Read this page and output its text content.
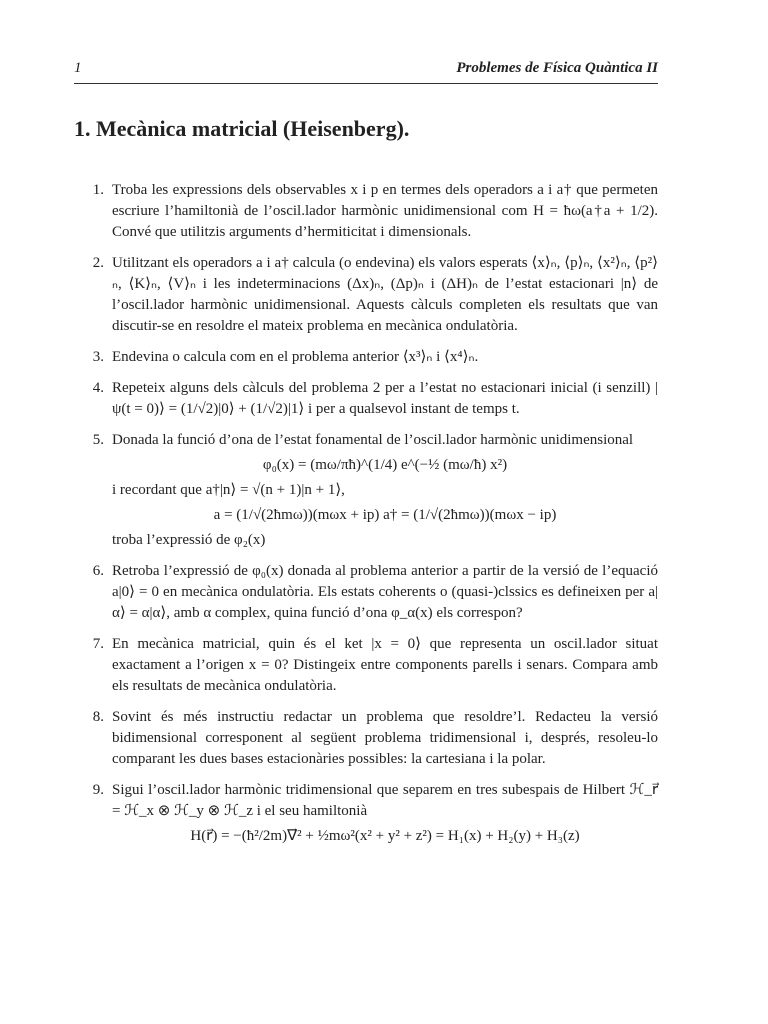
1	Problemes de Física Quàntica II
1. Mecànica matricial (Heisenberg).
1. Troba les expressions dels observables x i p en termes dels operadors a i a† que permeten escriure l’hamiltonià de l’oscil.lador harmònic unidimensional com H = ħω(a†a + 1/2). Convé que utilitzis arguments d’hermiticitat i dimensionals.
2. Utilitzant els operadors a i a† calcula (o endevina) els valors esperats ⟨x⟩ₙ, ⟨p⟩ₙ, ⟨x²⟩ₙ, ⟨p²⟩ₙ, ⟨K⟩ₙ, ⟨V⟩ₙ i les indeterminacions (Δx)ₙ, (Δp)ₙ i (ΔH)ₙ de l’estat estacionari |n⟩ de l’oscil.lador harmònic unidimensional. Aquests càlculs completen els resultats que van discutir-se en resoldre el mateix problema en mecànica ondulatòria.
3. Endevina o calcula com en el problema anterior ⟨x³⟩ₙ i ⟨x⁴⟩ₙ.
4. Repeteix alguns dels càlculs del problema 2 per a l’estat no estacionari inicial (i senzill) |ψ(t = 0)⟩ = (1/√2)|0⟩ + (1/√2)|1⟩ i per a qualsevol instant de temps t.
5. Donada la funció d’ona de l’estat fonamental de l’oscil.lador harmònic unidimensional
φ₀(x) = (mω/πħ)^(1/4) e^(−½ (mω/ħ) x²)
i recordant que a†|n⟩ = √(n + 1)|n + 1⟩,
a = (1/√(2ħmω))(mωx + ip) a† = (1/√(2ħmω))(mωx − ip)
troba l’expressió de φ₂(x)
6. Retroba l’expressió de φ₀(x) donada al problema anterior a partir de la versió de l’equació a|0⟩ = 0 en mecànica ondulatòria. Els estats coherents o (quasi-)clssics es defineixen per a|α⟩ = α|α⟩, amb α complex, quina funció d’ona φ_α(x) els correspon?
7. En mecànica matricial, quin és el ket |x = 0⟩ que representa un oscil.lador situat exactament a l’origen x = 0? Distingeix entre components parells i senars. Compara amb els resultats de mecànica ondulatòria.
8. Sovint és més instructiu redactar un problema que resoldre’l. Redacteu la versió bidimensional corresponent al següent problema tridimensional i, després, resoleu-lo comparant les dues bases estacionàries possibles: la cartesiana i la polar.
9. Sigui l’oscil.lador harmònic tridimensional que separem en tres subespais de Hilbert ℋ_r⃗ = ℋ_x ⊗ ℋ_y ⊗ ℋ_z i el seu hamiltonià
H(r⃗) = −(ħ²/2m)∇⃗² + ½mω²(x² + y² + z²) = H₁(x) + H₂(y) + H₃(z)
